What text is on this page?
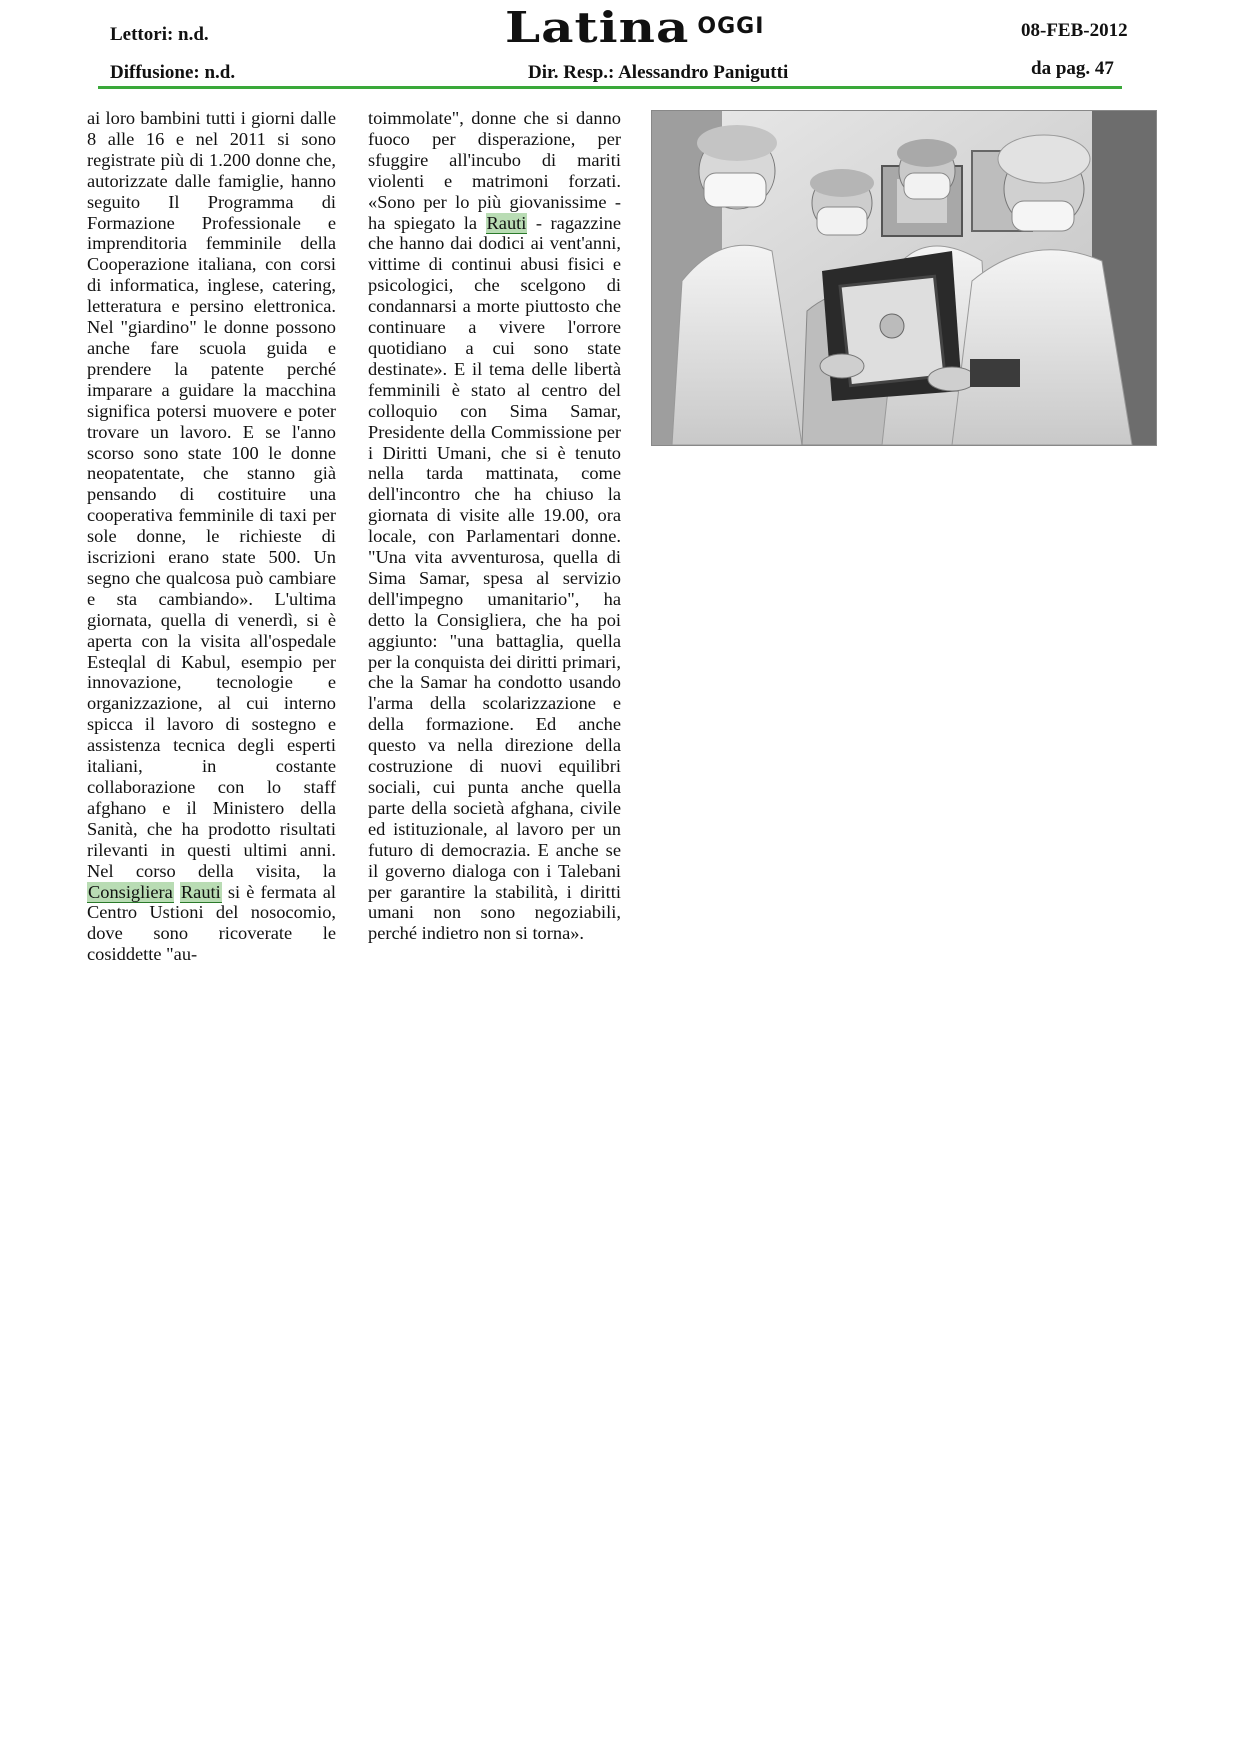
Lettori: n.d.
Diffusione: n.d.
Latina OGGI
Dir. Resp.: Alessandro Panigutti
08-FEB-2012
da pag. 47

ai loro bambini tutti i giorni dalle 8 alle 16 e nel 2011 si sono registrate più di 1.200 donne che, autorizzate dalle famiglie, hanno seguito Il Programma di Formazione Professionale e imprenditoria femminile della Cooperazione italiana, con corsi di informatica, inglese, catering, letteratura e persino elettronica. Nel "giardino" le donne possono anche fare scuola guida e prendere la patente perché imparare a guidare la macchina significa potersi muovere e poter trovare un lavoro. E se l'anno scorso sono state 100 le donne neopatentate, che stanno già pensando di costituire una cooperativa femminile di taxi per sole donne, le richieste di iscrizioni erano state 500. Un segno che qualcosa può cambiare e sta cambiando». L'ultima giornata, quella di venerdì, si è aperta con la visita all'ospedale Esteqlal di Kabul, esempio per innovazione, tecnologie e organizzazione, al cui interno spicca il lavoro di sostegno e assistenza tecnica degli esperti italiani, in costante collaborazione con lo staff afghano e il Ministero della Sanità, che ha prodotto risultati rilevanti in questi ultimi anni. Nel corso della visita, la Consigliera Rauti si è fermata al Centro Ustioni del nosocomio, dove sono ricoverate le cosiddette "au-

toimmolate", donne che si danno fuoco per disperazione, per sfuggire all'incubo di mariti violenti e matrimoni forzati. «Sono per lo più giovanissime - ha spiegato la Rauti - ragazzine che hanno dai dodici ai vent'anni, vittime di continui abusi fisici e psicologici, che scelgono di condannarsi a morte piuttosto che continuare a vivere l'orrore quotidiano a cui sono state destinate». E il tema delle libertà femminili è stato al centro del colloquio con Sima Samar, Presidente della Commissione per i Diritti Umani, che si è tenuto nella tarda mattinata, come dell'incontro che ha chiuso la giornata di visite alle 19.00, ora locale, con Parlamentari donne. "Una vita avventurosa, quella di Sima Samar, spesa al servizio dell'impegno umanitario", ha detto la Consigliera, che ha poi aggiunto: "una battaglia, quella per la conquista dei diritti primari, che la Samar ha condotto usando l'arma della scolarizzazione e della formazione. Ed anche questo va nella direzione della costruzione di nuovi equilibri sociali, cui punta anche quella parte della società afghana, civile ed istituzionale, al lavoro per un futuro di democrazia. E anche se il governo dialoga con i Talebani per garantire la stabilità, i diritti umani non sono negoziabili, perché indietro non si torna».
